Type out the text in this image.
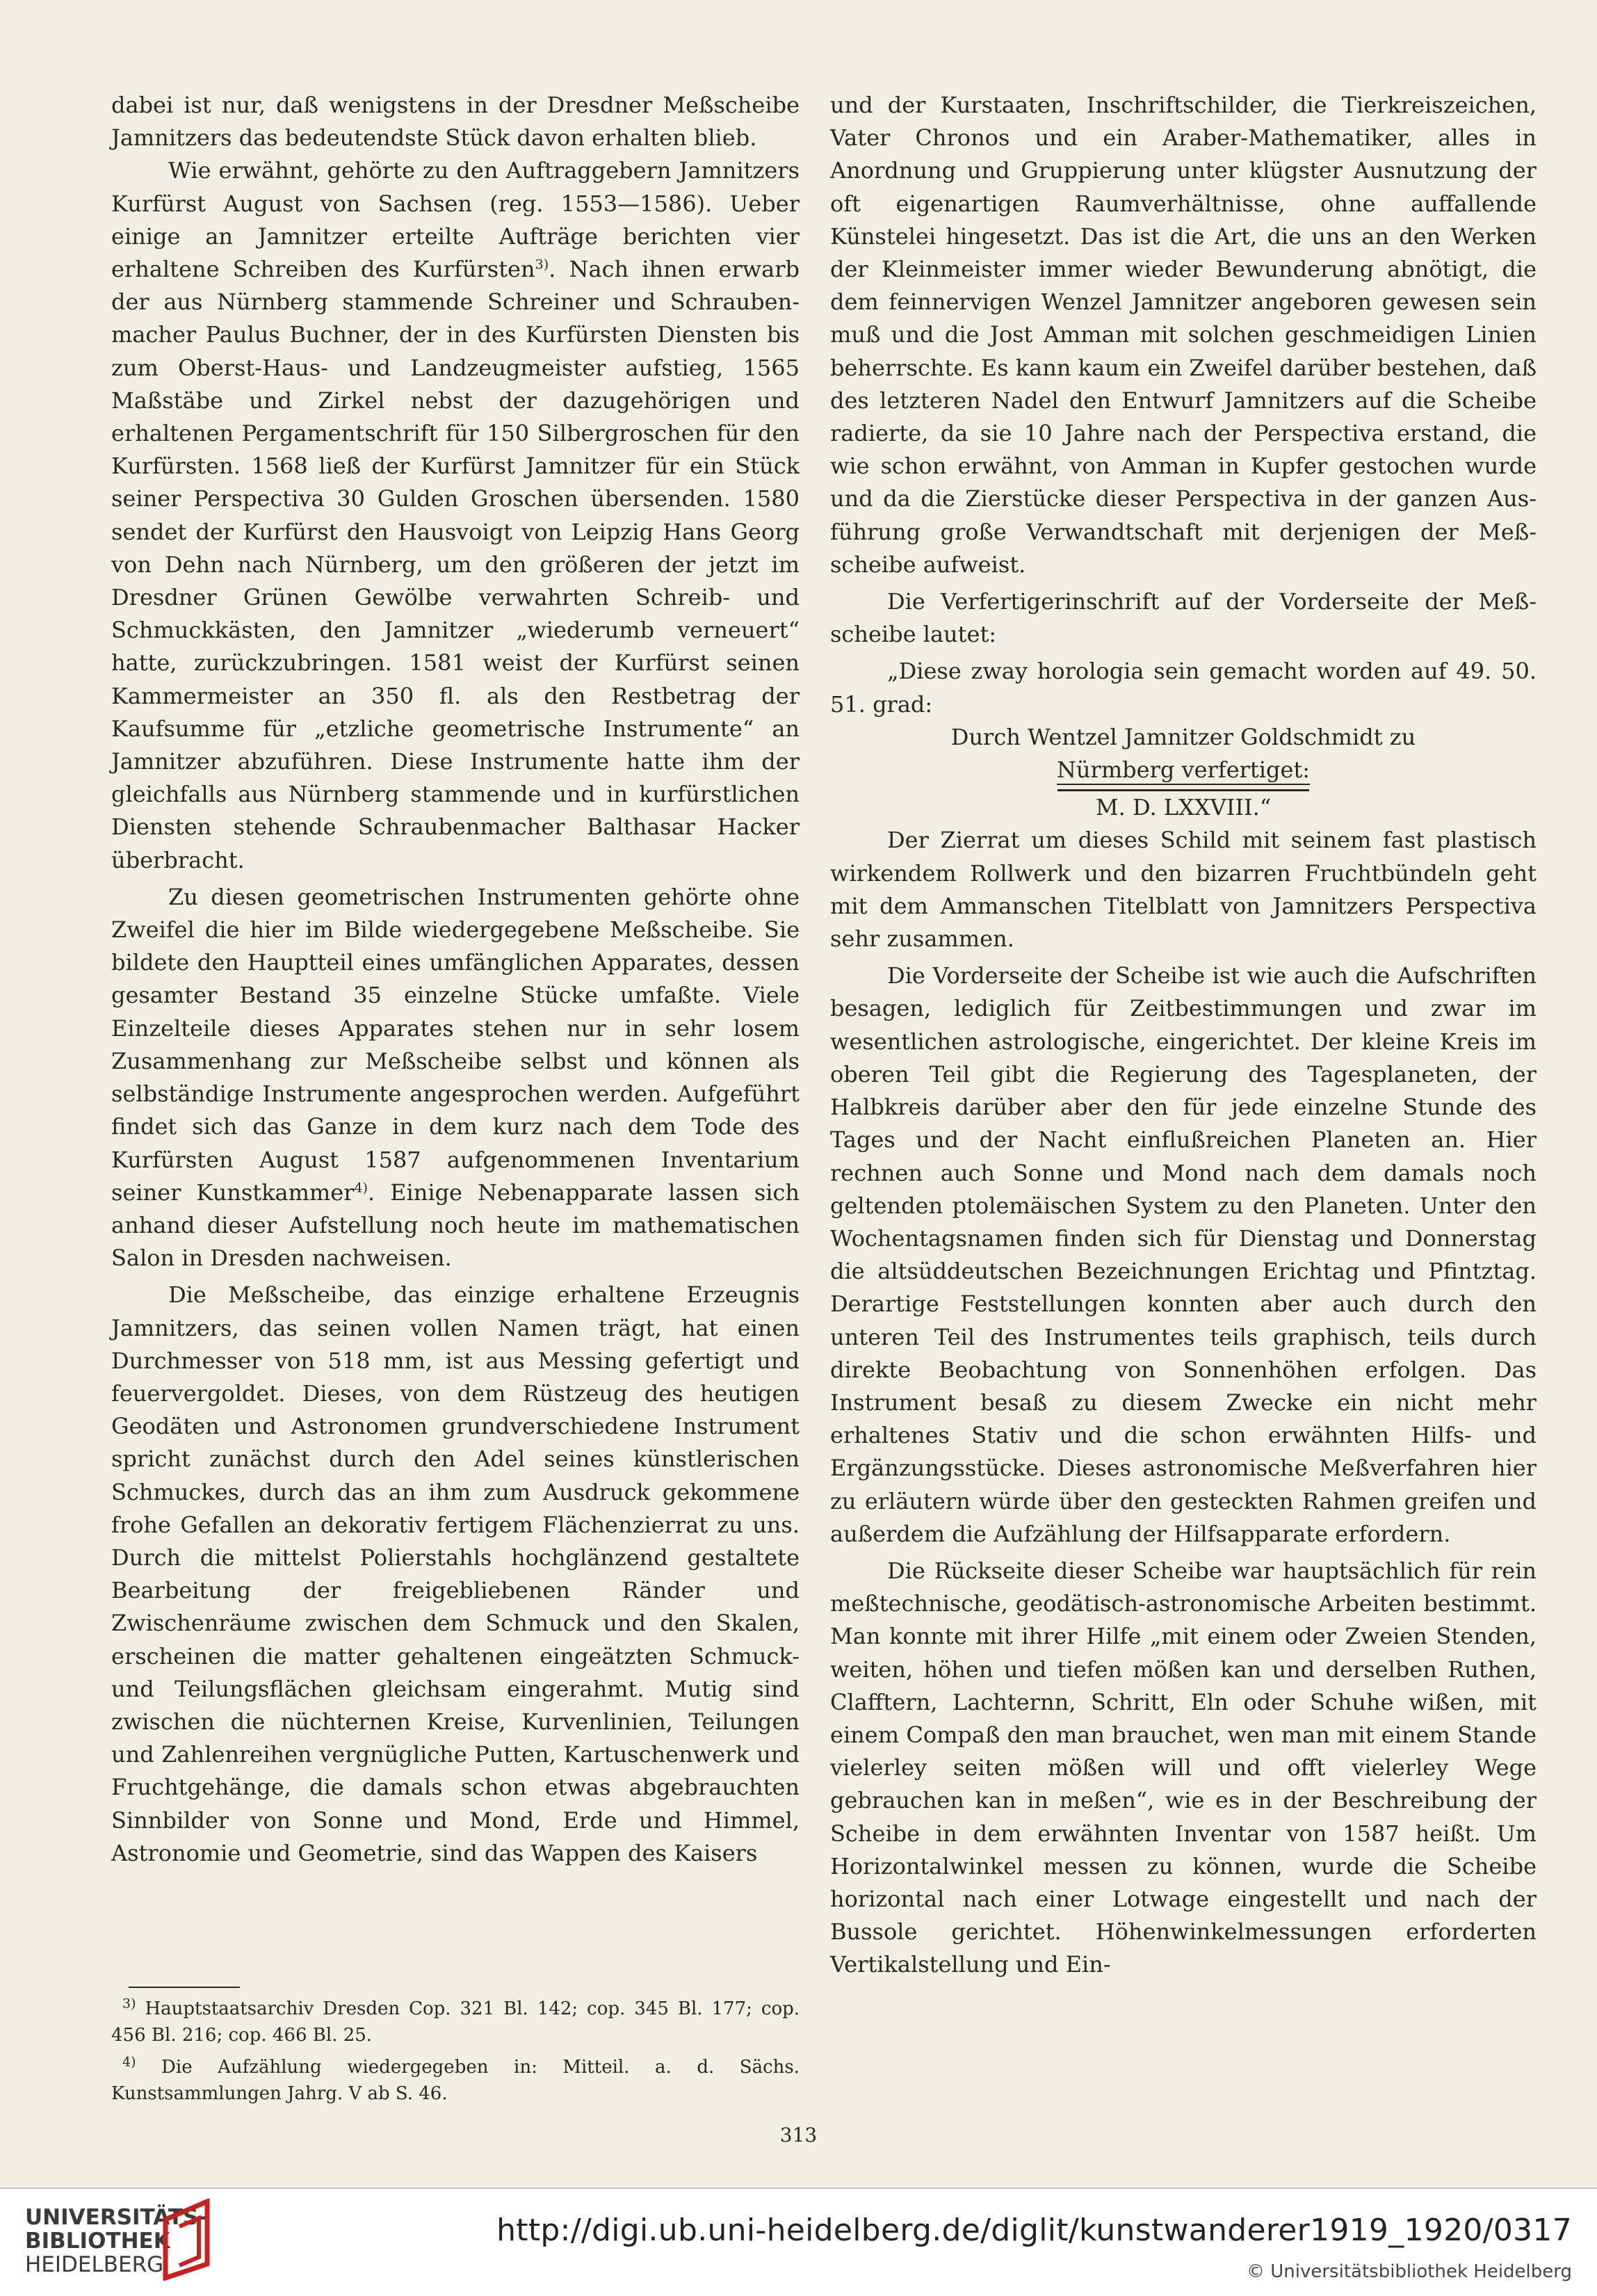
dabei ist nur, daß wenigstens in der Dresdner Meßscheibe Jamnitzers das bedeutendste Stück davon erhalten blieb.

Wie erwähnt, gehörte zu den Auftraggebern Jamnitzers Kurfürst August von Sachsen (reg. 1553—1586). Ueber einige an Jamnitzer erteilte Aufträge berichten vier erhaltene Schreiben des Kurfürsten$^{3)}$. Nach ihnen erwarb der aus Nürnberg stammende Schreiner und Schraubenmacher Paulus Buchner, der in des Kurfürsten Diensten bis zum Oberst-Haus- und Landzeugmeister aufstieg, 1565 Maßstäbe und Zirkel nebst der dazugehörigen und erhaltenen Pergamentschrift für 150 Silbergroschen für den Kurfürsten. 1568 ließ der Kurfürst Jamnitzer für ein Stück seiner Perspectiva 30 Gulden Groschen übersenden. 1580 sendet der Kurfürst den Hausvoigt von Leipzig Hans Georg von Dehn nach Nürnberg, um den größeren der jetzt im Dresdner Grünen Gewölbe verwahrten Schreib- und Schmuckkästen, den Jamnitzer „wiederumb verneuert“ hatte, zurückzubringen. 1581 weist der Kurfürst seinen Kammermeister an 350 fl. als den Restbetrag der Kaufsumme für „etzliche geometrische Instrumente“ an Jamnitzer abzuführen. Diese Instrumente hatte ihm der gleichfalls aus Nürnberg stammende und in kurfürstlichen Diensten stehende Schraubenmacher Balthasar Hacker überbracht.

Zu diesen geometrischen Instrumenten gehörte ohne Zweifel die hier im Bilde wiedergegebene Meßscheibe. Sie bildete den Hauptteil eines umfänglichen Apparates, dessen gesamter Bestand 35 einzelne Stücke umfaßte. Viele Einzelteile dieses Apparates stehen nur in sehr losem Zusammenhang zur Meßscheibe selbst und können als selbständige Instrumente angesprochen werden. Aufgeführt findet sich das Ganze in dem kurz nach dem Tode des Kurfürsten August 1587 aufgenommenen Inventarium seiner Kunstkammer$^{4)}$. Einige Nebenapparate lassen sich anhand dieser Aufstellung noch heute im mathematischen Salon in Dresden nachweisen.

Die Meßscheibe, das einzige erhaltene Erzeugnis Jamnitzers, das seinen vollen Namen trägt, hat einen Durchmesser von 518 mm, ist aus Messing gefertigt und feuervergoldet. Dieses, von dem Rüstzeug des heutigen Geodäten und Astronomen grundverschiedene Instrument spricht zunächst durch den Adel seines künstlerischen Schmuckes, durch das an ihm zum Ausdruck gekommene frohe Gefallen an dekorativ fertigem Flächenzierrat zu uns. Durch die mittelst Polierstahls hochglänzend gestaltete Bearbeitung der freigebliebenen Ränder und Zwischenräume zwischen dem Schmuck und den Skalen, erscheinen die matter gehaltenen eingeätzten Schmuck- und Teilungsflächen gleichsam eingerahmt. Mutig sind zwischen die nüchternen Kreise, Kurvenlinien, Teilungen und Zahlenreihen vergnügliche Putten, Kartuschenwerk und Fruchtgehänge, die damals schon etwas abgebrauchten Sinnbilder von Sonne und Mond, Erde und Himmel, Astronomie und Geometrie, sind das Wappen des Kaisers

und der Kurstaaten, Inschriftschilder, die Tierkreiszeichen, Vater Chronos und ein Araber-Mathematiker, alles in Anordnung und Gruppierung unter klügster Ausnutzung der oft eigenartigen Raumverhältnisse, ohne auffallende Künstelei hingesetzt. Das ist die Art, die uns an den Werken der Kleinmeister immer wieder Bewunderung abnötigt, die dem feinnervigen Wenzel Jamnitzer angeboren gewesen sein muß und die Jost Amman mit solchen geschmeidigen Linien beherrschte. Es kann kaum ein Zweifel darüber bestehen, daß des letzteren Nadel den Entwurf Jamnitzers auf die Scheibe radierte, da sie 10 Jahre nach der Perspectiva erstand, die wie schon erwähnt, von Amman in Kupfer gestochen wurde und da die Zierstücke dieser Perspectiva in der ganzen Ausführung große Verwandtschaft mit derjenigen der Meßscheibe aufweist.

Die Verfertigerinschrift auf der Vorderseite der Meßscheibe lautet:

„Diese zway horologia sein gemacht worden auf 49. 50. 51. grad:

Durch Wentzel Jamnitzer Goldschmidt zu

Nürmberg verfertiget:

M. D. LXXVIII.“

Der Zierrat um dieses Schild mit seinem fast plastisch wirkendem Rollwerk und den bizarren Fruchtbündeln geht mit dem Ammanschen Titelblatt von Jamnitzers Perspectiva sehr zusammen.

Die Vorderseite der Scheibe ist wie auch die Aufschriften besagen, lediglich für Zeitbestimmungen und zwar im wesentlichen astrologische, eingerichtet. Der kleine Kreis im oberen Teil gibt die Regierung des Tagesplaneten, der Halbkreis darüber aber den für jede einzelne Stunde des Tages und der Nacht einflußreichen Planeten an. Hier rechnen auch Sonne und Mond nach dem damals noch geltenden ptolemäischen System zu den Planeten. Unter den Wochentagsnamen finden sich für Dienstag und Donnerstag die altsüddeutschen Bezeichnungen Erichtag und Pfintztag. Derartige Feststellungen konnten aber auch durch den unteren Teil des Instrumentes teils graphisch, teils durch direkte Beobachtung von Sonnenhöhen erfolgen. Das Instrument besaß zu diesem Zwecke ein nicht mehr erhaltenes Stativ und die schon erwähnten Hilfs- und Ergänzungsstücke. Dieses astronomische Meßverfahren hier zu erläutern würde über den gesteckten Rahmen greifen und außerdem die Aufzählung der Hilfsapparate erfordern.

Die Rückseite dieser Scheibe war hauptsächlich für rein meßtechnische, geodätisch-astronomische Arbeiten bestimmt. Man konnte mit ihrer Hilfe „mit einem oder Zweien Stenden, weiten, höhen und tiefen mößen kan und derselben Ruthen, Clafftern, Lachternn, Schritt, Eln oder Schuhe wißen, mit einem Compaß den man brauchet, wen man mit einem Stande vielerley seiten mößen will und offt vielerley Wege gebrauchen kan in meßen“, wie es in der Beschreibung der Scheibe in dem erwähnten Inventar von 1587 heißt. Um Horizontalwinkel messen zu können, wurde die Scheibe horizontal nach einer Lotwage eingestellt und nach der Bussole gerichtet. Höhenwinkelmessungen erforderten Vertikalstellung und Ein-

$^{3)}$ Hauptstaatsarchiv Dresden Cop. 321 Bl. 142; cop. 345 Bl. 177; cop. 456 Bl. 216; cop. 466 Bl. 25.

$^{4)}$ Die Aufzählung wiedergegeben in: Mitteil. a. d. Sächs. Kunstsammlungen Jahrg. V ab S. 46.

313
UNIVERSITÄTS-
BIBLIOTHEK
HEIDELBERG
http://digi.ub.uni-heidelberg.de/diglit/kunstwanderer1919_1920/0317
© Universitätsbibliothek Heidelberg
